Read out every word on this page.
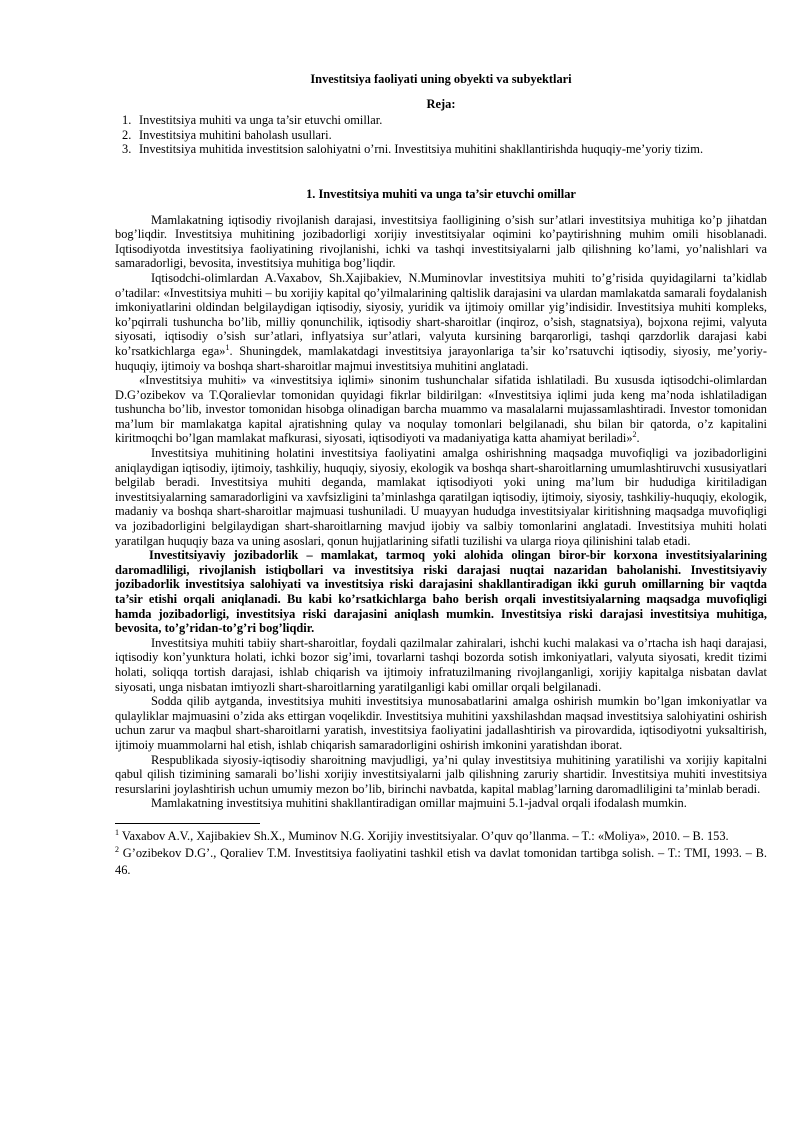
Investitsiya faoliyati uning obyekti va subyektlari
Reja:
1. Investitsiya muhiti va unga ta’sir etuvchi omillar.
2. Investitsiya muhitini baholash usullari.
3. Investitsiya muhitida investitsion salohiyatni o’rni. Investitsiya muhitini shakllantirishda huquqiy-me’yoriy tizim.
1. Investitsiya muhiti va unga ta’sir etuvchi omillar

Mamlakatning iqtisodiy rivojlanish darajasi, investitsiya faolligining o’sish sur’atlari investitsiya muhitiga ko’p jihatdan bog’liqdir. Investitsiya muhitining jozibadorligi xorijiy investitsiyalar oqimini ko’paytirishning muhim omili hisoblanadi. Iqtisodiyotda investitsiya faoliyatining rivojlanishi, ichki va tashqi investitsiyalarni jalb qilishning ko’lami, yo’nalishlari va samaradorligi, bevosita, investitsiya muhitiga bog’liqdir.

Iqtisodchi-olimlardan A.Vaxabov, Sh.Xajibakiev, N.Muminovlar investitsiya muhiti to’g’risida quyidagilarni ta’kidlab o’tadilar: «Investitsiya muhiti – bu xorijiy kapital qo’yilmalarining qaltislik darajasini va ulardan mamlakatda samarali foydalanish imkoniyatlarini oldindan belgilaydigan iqtisodiy, siyosiy, yuridik va ijtimoiy omillar yig’indisidir. Investitsiya muhiti kompleks, ko’pqirrali tushuncha bo’lib, milliy qonunchilik, iqtisodiy shart-sharoitlar (inqiroz, o’sish, stagnatsiya), bojxona rejimi, valyuta siyosati, iqtisodiy o’sish sur’atlari, inflyatsiya sur’atlari, valyuta kursining barqarorligi, tashqi qarzdorlik darajasi kabi ko’rsatkichlarga ega»$^1$. Shuningdek, mamlakatdagi investitsiya jarayonlariga ta’sir ko’rsatuvchi iqtisodiy, siyosiy, me’yoriy-huquqiy, ijtimoiy va boshqa shart-sharoitlar majmui investitsiya muhitini anglatadi.

«Investitsiya muhiti» va «investitsiya iqlimi» sinonim tushunchalar sifatida ishlatiladi. Bu xususda iqtisodchi-olimlardan D.G’ozibekov va T.Qoralievlar tomonidan quyidagi fikrlar bildirilgan: «Investitsiya iqlimi juda keng ma’noda ishlatiladigan tushuncha bo’lib, investor tomonidan hisobga olinadigan barcha muammo va masalalarni mujassamlashtiradi. Investor tomonidan ma’lum bir mamlakatga kapital ajratishning qulay va noqulay tomonlari belgilanadi, shu bilan bir qatorda, o’z kapitalini kiritmoqchi bo’lgan mamlakat mafkurasi, siyosati, iqtisodiyoti va madaniyatiga katta ahamiyat beriladi»$^2$.

Investitsiya muhitining holatini investitsiya faoliyatini amalga oshirishning maqsadga muvofiqligi va jozibadorligini aniqlaydigan iqtisodiy, ijtimoiy, tashkiliy, huquqiy, siyosiy, ekologik va boshqa shart-sharoitlarning umumlashtiruvchi xususiyatlari belgilab beradi. Investitsiya muhiti deganda, mamlakat iqtisodiyoti yoki uning ma’lum bir hududiga kiritiladigan investitsiyalarning samaradorligini va xavfsizligini ta’minlashga qaratilgan iqtisodiy, ijtimoiy, siyosiy, tashkiliy-huquqiy, ekologik, madaniy va boshqa shart-sharoitlar majmuasi tushuniladi. U muayyan hududga investitsiyalar kiritishning maqsadga muvofiqligi va jozibadorligini belgilaydigan shart-sharoitlarning mavjud ijobiy va salbiy tomonlarini anglatadi. Investitsiya muhiti holati yaratilgan huquqiy baza va uning asoslari, qonun hujjatlarining sifatli tuzilishi va ularga rioya qilinishini talab etadi.

Investitsiyaviy jozibadorlik – mamlakat, tarmoq yoki alohida olingan biror-bir korxona investitsiyalarining daromadliligi, rivojlanish istiqbollari va investitsiya riski darajasi nuqtai nazaridan baholanishi. Investitsiyaviy jozibadorlik investitsiya salohiyati va investitsiya riski darajasini shakllantiradigan ikki guruh omillarning bir vaqtda ta’sir etishi orqali aniqlanadi. Bu kabi ko’rsatkichlarga baho berish orqali investitsiyalarning maqsadga muvofiqligi hamda jozibadorligi, investitsiya riski darajasini aniqlash mumkin. Investitsiya riski darajasi investitsiya muhitiga, bevosita, to’g’ridan-to’g’ri bog’liqdir.

Investitsiya muhiti tabiiy shart-sharoitlar, foydali qazilmalar zahiralari, ishchi kuchi malakasi va o’rtacha ish haqi darajasi, iqtisodiy kon’yunktura holati, ichki bozor sig’imi, tovarlarni tashqi bozorda sotish imkoniyatlari, valyuta siyosati, kredit tizimi holati, soliqqa tortish darajasi, ishlab chiqarish va ijtimoiy infratuzilmaning rivojlanganligi, xorijiy kapitalga nisbatan davlat siyosati, unga nisbatan imtiyozli shart-sharoitlarning yaratilganligi kabi omillar orqali belgilanadi.

Sodda qilib aytganda, investitsiya muhiti investitsiya munosabatlarini amalga oshirish mumkin bo’lgan imkoniyatlar va qulayliklar majmuasini o’zida aks ettirgan voqelikdir. Investitsiya muhitini yaxshilashdan maqsad investitsiya salohiyatini oshirish uchun zarur va maqbul shart-sharoitlarni yaratish, investitsiya faoliyatini jadallashtirish va pirovardida, iqtisodiyotni yuksaltirish, ijtimoiy muammolarni hal etish, ishlab chiqarish samaradorligini oshirish imkonini yaratishdan iborat.

Respublikada siyosiy-iqtisodiy sharoitning mavjudligi, ya’ni qulay investitsiya muhitining yaratilishi va xorijiy kapitalni qabul qilish tizimining samarali bo’lishi xorijiy investitsiyalarni jalb qilishning zaruriy shartidir. Investitsiya muhiti investitsiya resurslarini joylashtirish uchun umumiy mezon bo’lib, birinchi navbatda, kapital mablag’larning daromadliligini ta’minlab beradi.

Mamlakatning investitsiya muhitini shakllantiradigan omillar majmuini 5.1-jadval orqali ifodalash mumkin.

$^1$ Vaxabov A.V., Xajibakiev Sh.X., Muminov N.G. Xorijiy investitsiyalar. O’quv qo’llanma. – T.: «Moliya», 2010. – B. 153.

$^2$ G’ozibekov D.G’., Qoraliev T.M. Investitsiya faoliyatini tashkil etish va davlat tomonidan tartibga solish. – T.: TMI, 1993. – B. 46.
